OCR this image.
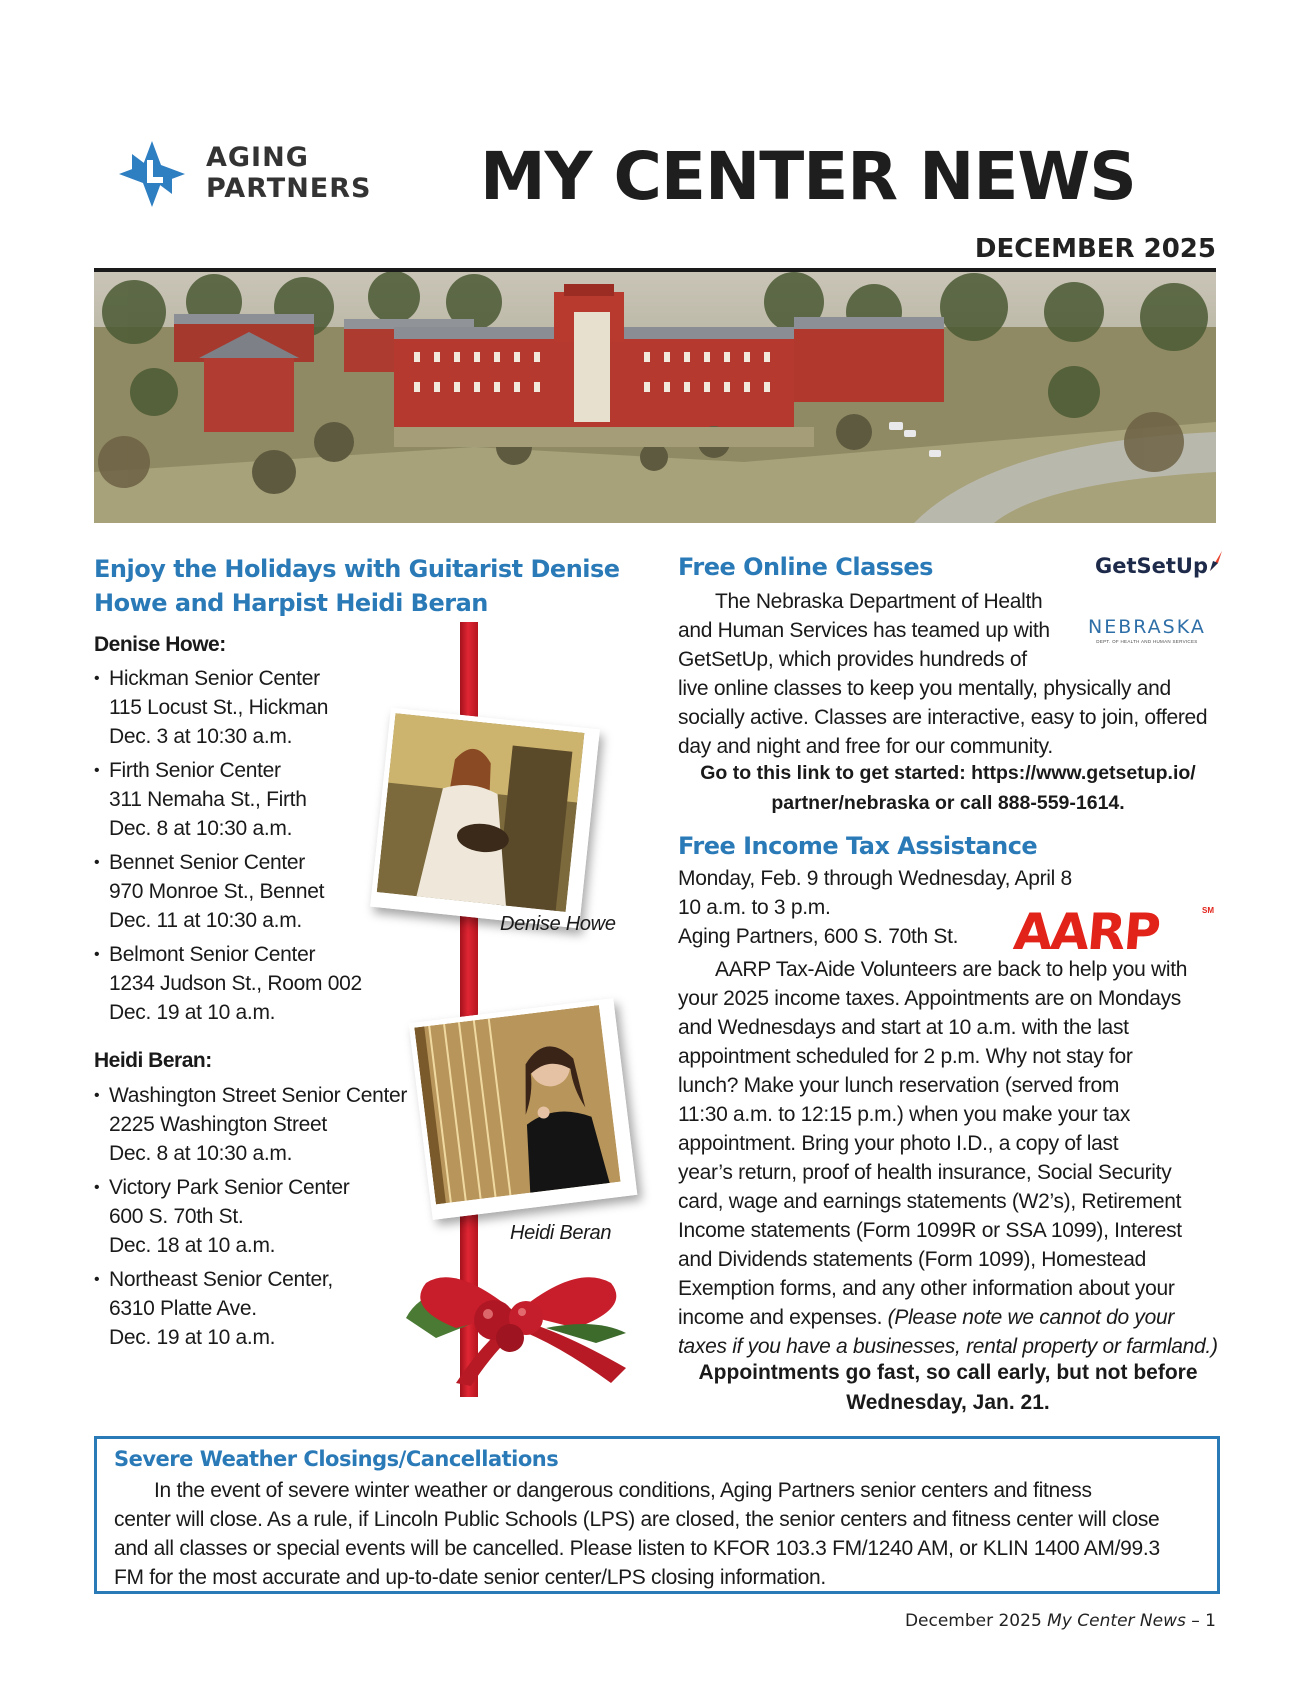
AGING
PARTNERS MY CENTER NEWS
DECEMBER 2025
Enjoy the Holidays with Guitarist Denise
Howe and Harpist Heidi Beran
Denise Howe:
• Hickman Senior Center
115 Locust St., Hickman
Dec. 3 at 10:30 a.m.
• Firth Senior Center
311 Nemaha St., Firth
Dec. 8 at 10:30 a.m.
• Bennet Senior Center
970 Monroe St., Bennet
Dec. 11 at 10:30 a.m.
• Belmont Senior Center
1234 Judson St., Room 002
Dec. 19 at 10 a.m.
Heidi Beran:
• Washington Street Senior Center
2225 Washington Street
Dec. 8 at 10:30 a.m.
• Victory Park Senior Center
600 S. 70th St.
Dec. 18 at 10 a.m.
• Northeast Senior Center,
6310 Platte Ave.
Dec. 19 at 10 a.m.
Denise Howe
Heidi Beran
Free Online Classes	GetSetUp
NEBRASKA
DEPT. OF HEALTH AND HUMAN SERVICES
The Nebraska Department of Health
and Human Services has teamed up with
GetSetUp, which provides hundreds of
live online classes to keep you mentally, physically and
socially active. Classes are interactive, easy to join, offered
day and night and free for our community.
Go to this link to get started: https://www.getsetup.io/
partner/nebraska or call 888-559-1614.
Free Income Tax Assistance
Monday, Feb. 9 through Wednesday, April 8
10 a.m. to 3 p.m.
Aging Partners, 600 S. 70th St.	AARP	SM
AARP Tax-Aide Volunteers are back to help you with
your 2025 income taxes. Appointments are on Mondays
and Wednesdays and start at 10 a.m. with the last
appointment scheduled for 2 p.m. Why not stay for
lunch? Make your lunch reservation (served from
11:30 a.m. to 12:15 p.m.) when you make your tax
appointment. Bring your photo I.D., a copy of last
year’s return, proof of health insurance, Social Security
card, wage and earnings statements (W2’s), Retirement
Income statements (Form 1099R or SSA 1099), Interest
and Dividends statements (Form 1099), Homestead
Exemption forms, and any other information about your
income and expenses. (Please note we cannot do your
taxes if you have a businesses, rental property or farmland.)
Appointments go fast, so call early, but not before
Wednesday, Jan. 21.
Severe Weather Closings/Cancellations
In the event of severe winter weather or dangerous conditions, Aging Partners senior centers and fitness
center will close. As a rule, if Lincoln Public Schools (LPS) are closed, the senior centers and fitness center will close
and all classes or special events will be cancelled. Please listen to KFOR 103.3 FM/1240 AM, or KLIN 1400 AM/99.3
FM for the most accurate and up-to-date senior center/LPS closing information.
December 2025 My Center News – 1
